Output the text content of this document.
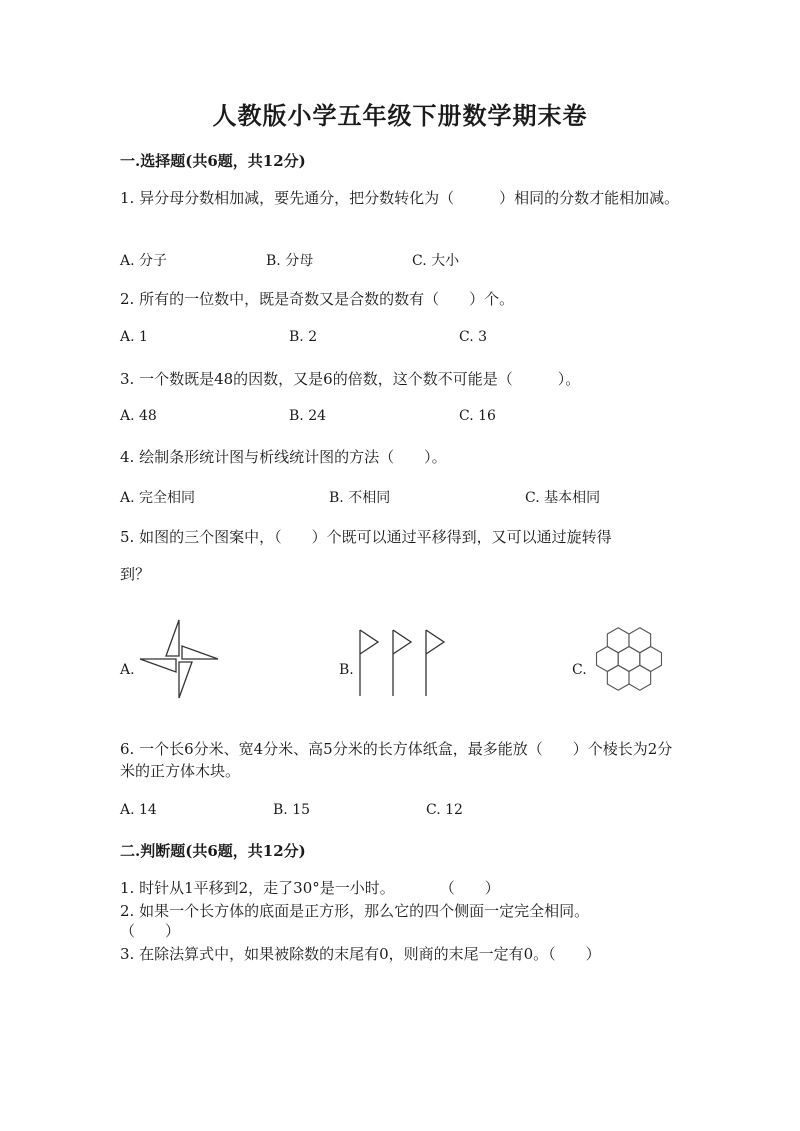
人教版小学五年级下册数学期末卷
一.选择题(共6题，共12分)
1. 异分母分数相加减，要先通分，把分数转化为（　　　）相同的分数才能相加减。
A. 分子	B. 分母	C. 大小
2. 所有的一位数中，既是奇数又是合数的数有（　　）个。
A. 1	B. 2	C. 3
3. 一个数既是48的因数，又是6的倍数，这个数不可能是（　　　）。
A. 48	B. 24	C. 16
4. 绘制条形统计图与析线统计图的方法（　　）。
A. 完全相同	B. 不相同	C. 基本相同
5. 如图的三个图案中，（　　）个既可以通过平移得到，又可以通过旋转得
到？
A.	B.	C.
6. 一个长6分米、宽4分米、高5分米的长方体纸盒，最多能放（　　）个棱长为2分米的正方体木块。
A. 14	B. 15	C. 12
二.判断题(共6题，共12分)
1. 时针从1平移到2，走了30°是一小时。　　　　（　　）
2. 如果一个长方体的底面是正方形，那么它的四个侧面一定完全相同。
（　　）
3. 在除法算式中，如果被除数的末尾有0，则商的末尾一定有0。（　　）
